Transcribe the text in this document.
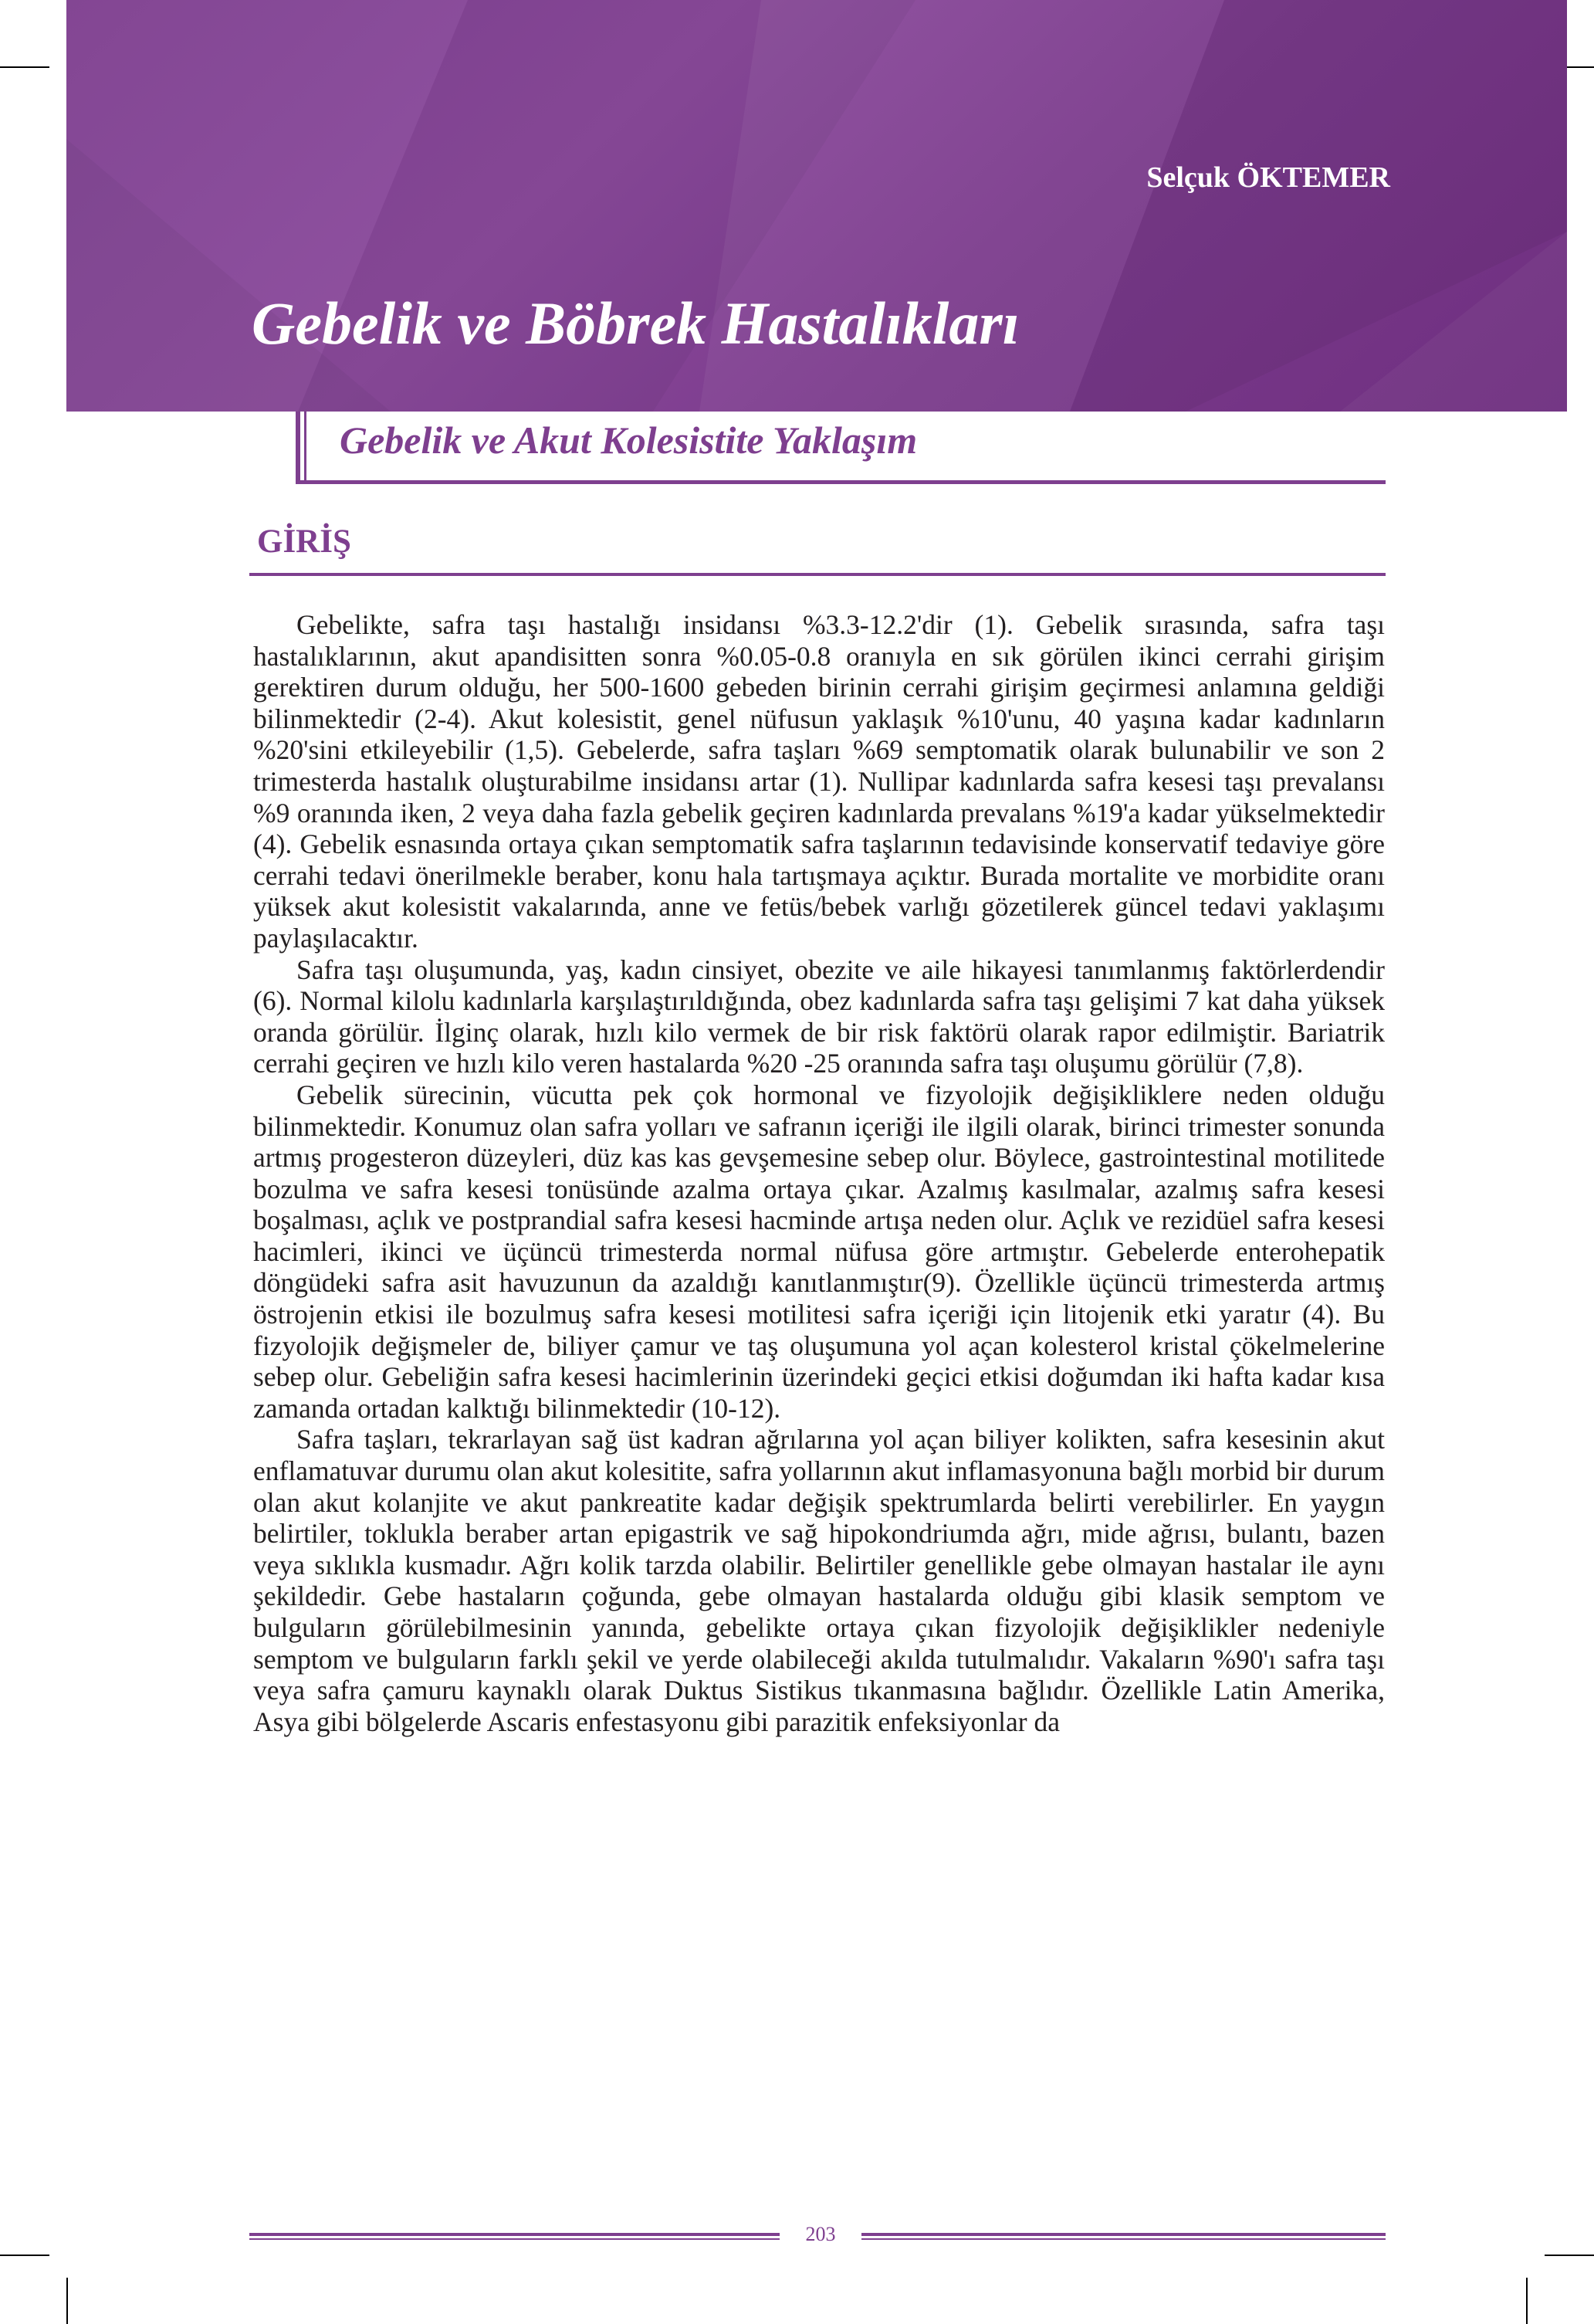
Selçuk ÖKTEMER
Gebelik ve Böbrek Hastalıkları
Gebelik ve Akut Kolesistite Yaklaşım
GİRİŞ

Gebelikte, safra taşı hastalığı insidansı %3.3-12.2'dir (1). Gebelik sırasında, safra taşı hastalıklarının, akut apandisitten sonra %0.05-0.8 oranıyla en sık görülen ikinci cerrahi girişim gerektiren durum olduğu, her 500-1600 gebeden birinin cerrahi girişim geçirmesi anlamına geldiği bilinmektedir (2-4). Akut kolesistit, genel nüfusun yaklaşık %10'unu, 40 yaşına kadar kadınların %20'sini etkileyebilir (1,5). Gebelerde, safra taşları %69 semptomatik olarak bulunabilir ve son 2 trimesterda hastalık oluşturabilme insidansı artar (1). Nullipar kadınlarda safra kesesi taşı prevalansı %9 oranında iken, 2 veya daha fazla gebelik geçiren kadınlarda prevalans %19'a kadar yükselmektedir (4). Gebelik esnasında ortaya çıkan semptomatik safra taşlarının tedavisinde konservatif tedaviye göre cerrahi tedavi önerilmekle beraber, konu hala tartışmaya açıktır. Burada mortalite ve morbidite oranı yüksek akut kolesistit vakalarında, anne ve fetüs/bebek varlığı gözetilerek güncel tedavi yaklaşımı paylaşılacaktır.

Safra taşı oluşumunda, yaş, kadın cinsiyet, obezite ve aile hikayesi tanımlanmış faktörlerdendir (6). Normal kilolu kadınlarla karşılaştırıldığında, obez kadınlarda safra taşı gelişimi 7 kat daha yüksek oranda görülür. İlginç olarak, hızlı kilo vermek de bir risk faktörü olarak rapor edilmiştir. Bariatrik cerrahi geçiren ve hızlı kilo veren hastalarda %20 -25 oranında safra taşı oluşumu görülür (7,8).

Gebelik sürecinin, vücutta pek çok hormonal ve fizyolojik değişikliklere neden olduğu bilinmektedir. Konumuz olan safra yolları ve safranın içeriği ile ilgili olarak, birinci trimester sonunda artmış progesteron düzeyleri, düz kas kas gevşemesine sebep olur. Böylece, gastrointestinal motilitede bozulma ve safra kesesi tonüsünde azalma ortaya çıkar. Azalmış kasılmalar, azalmış safra kesesi boşalması, açlık ve postprandial safra kesesi hacminde artışa neden olur. Açlık ve rezidüel safra kesesi hacimleri, ikinci ve üçüncü trimesterda normal nüfusa göre artmıştır. Gebelerde enterohepatik döngüdeki safra asit havuzunun da azaldığı kanıtlanmıştır(9). Özellikle üçüncü trimesterda artmış östrojenin etkisi ile bozulmuş safra kesesi motilitesi safra içeriği için litojenik etki yaratır (4). Bu fizyolojik değişmeler de, biliyer çamur ve taş oluşumuna yol açan kolesterol kristal çökelmelerine sebep olur. Gebeliğin safra kesesi hacimlerinin üzerindeki geçici etkisi doğumdan iki hafta kadar kısa zamanda ortadan kalktığı bilinmektedir (10-12).

Safra taşları, tekrarlayan sağ üst kadran ağrılarına yol açan biliyer kolikten, safra kesesinin akut enflamatuvar durumu olan akut kolesitite, safra yollarının akut inflamasyonuna bağlı morbid bir durum olan akut kolanjite ve akut pankreatite kadar değişik spektrumlarda belirti verebilirler. En yaygın belirtiler, toklukla beraber artan epigastrik ve sağ hipokondriumda ağrı, mide ağrısı, bulantı, bazen veya sıklıkla kusmadır. Ağrı kolik tarzda olabilir. Belirtiler genellikle gebe olmayan hastalar ile aynı şekildedir. Gebe hastaların çoğunda, gebe olmayan hastalarda olduğu gibi klasik semptom ve bulguların görülebilmesinin yanında, gebelikte ortaya çıkan fizyolojik değişiklikler nedeniyle semptom ve bulguların farklı şekil ve yerde olabileceği akılda tutulmalıdır. Vakaların %90'ı safra taşı veya safra çamuru kaynaklı olarak Duktus Sistikus tıkanmasına bağlıdır. Özellikle Latin Amerika, Asya gibi bölgelerde Ascaris enfestasyonu gibi parazitik enfeksiyonlar da

203
